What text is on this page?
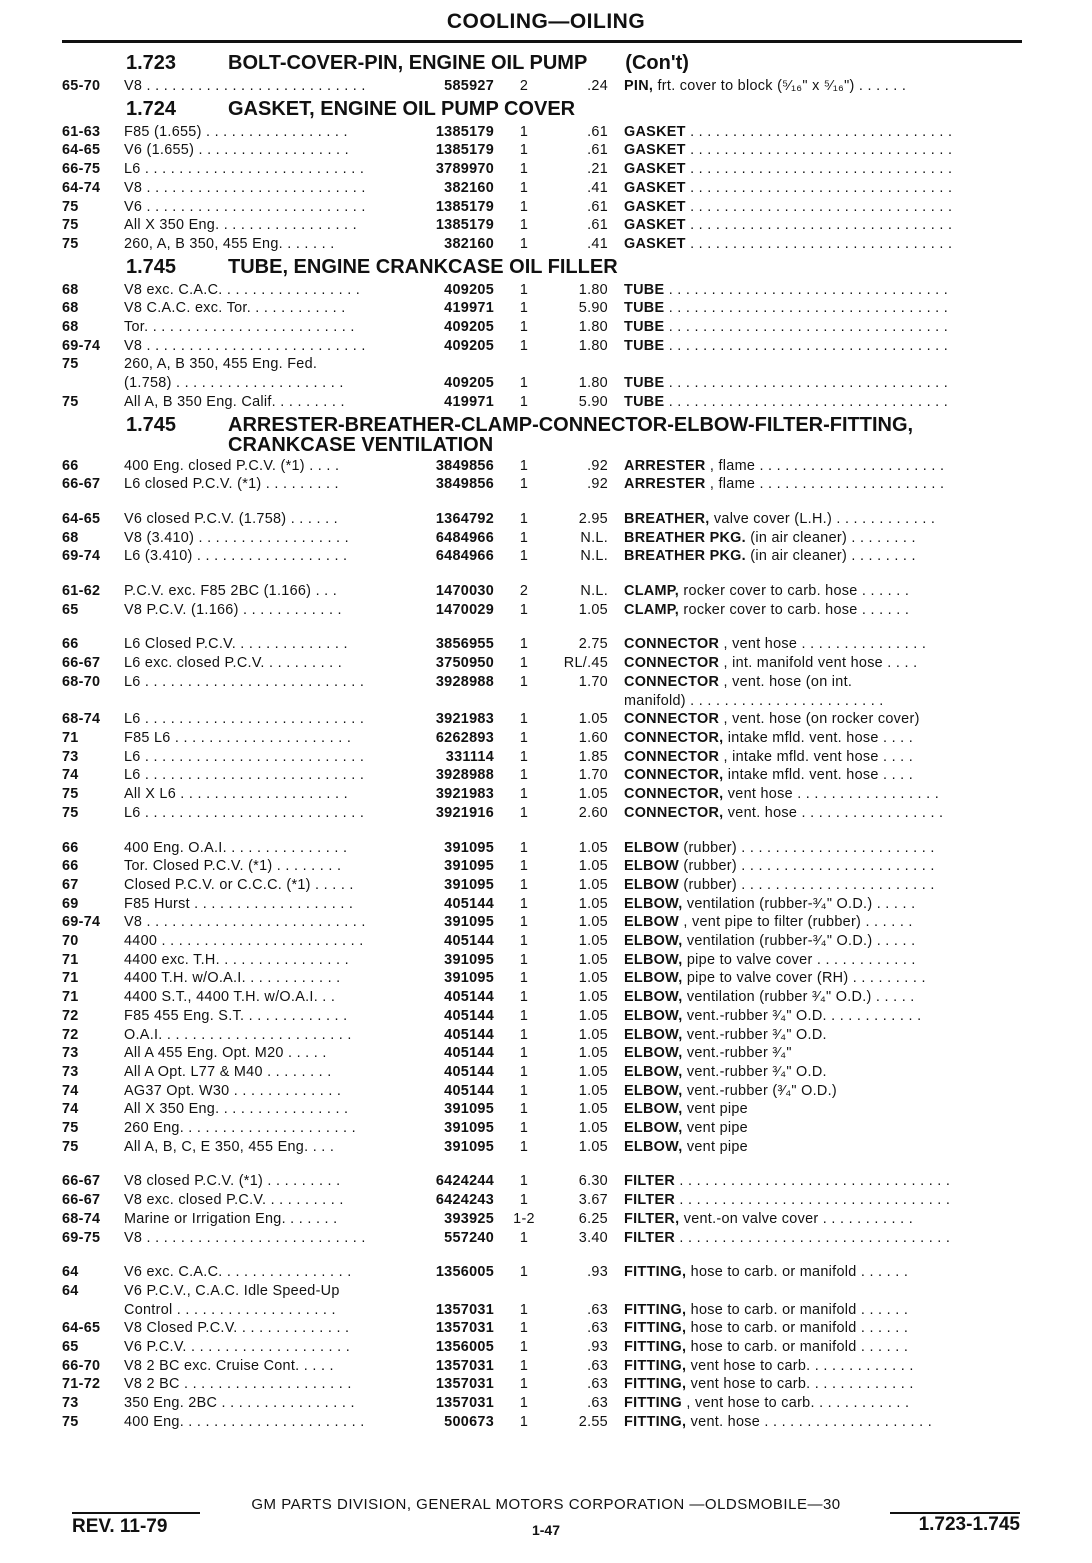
COOLING—OILING
1.723	BOLT-COVER-PIN, ENGINE OIL PUMP (Con't)
65-70	V8 . . . . . . . . . . . . . . . . . . . . . . . . . .	585927	2	.24	PIN, frt. cover to block (⁵⁄₁₆" x ⁵⁄₁₆") . . . . . .
1.724	GASKET, ENGINE OIL PUMP COVER
61-63	F85 (1.655) . . . . . . . . . . . . . . . . .	1385179	1	.61	GASKET . . . . . . . . . . . . . . . . . . . . . . . . . . . . . . .
64-65	V6 (1.655) . . . . . . . . . . . . . . . . . .	1385179	1	.61	GASKET . . . . . . . . . . . . . . . . . . . . . . . . . . . . . . .
66-75	L6 . . . . . . . . . . . . . . . . . . . . . . . . . .	3789970	1	.21	GASKET . . . . . . . . . . . . . . . . . . . . . . . . . . . . . . .
64-74	V8 . . . . . . . . . . . . . . . . . . . . . . . . . .	382160	1	.41	GASKET . . . . . . . . . . . . . . . . . . . . . . . . . . . . . . .
75	V6 . . . . . . . . . . . . . . . . . . . . . . . . . .	1385179	1	.61	GASKET . . . . . . . . . . . . . . . . . . . . . . . . . . . . . . .
75	All X 350 Eng. . . . . . . . . . . . . . . . .	1385179	1	.61	GASKET . . . . . . . . . . . . . . . . . . . . . . . . . . . . . . .
75	260, A, B 350, 455 Eng. . . . . . .	382160	1	.41	GASKET . . . . . . . . . . . . . . . . . . . . . . . . . . . . . . .
1.745	TUBE, ENGINE CRANKCASE OIL FILLER
68	V8 exc. C.A.C. . . . . . . . . . . . . . . . .	409205	1	1.80	TUBE . . . . . . . . . . . . . . . . . . . . . . . . . . . . . . . . .
68	V8 C.A.C. exc. Tor. . . . . . . . . . . .	419971	1	5.90	TUBE . . . . . . . . . . . . . . . . . . . . . . . . . . . . . . . . .
68	Tor. . . . . . . . . . . . . . . . . . . . . . . . .	409205	1	1.80	TUBE . . . . . . . . . . . . . . . . . . . . . . . . . . . . . . . . .
69-74	V8 . . . . . . . . . . . . . . . . . . . . . . . . . .	409205	1	1.80	TUBE . . . . . . . . . . . . . . . . . . . . . . . . . . . . . . . . .
75	260, A, B 350, 455 Eng. Fed.
(1.758) . . . . . . . . . . . . . . . . . . . .	409205	1	1.80	TUBE . . . . . . . . . . . . . . . . . . . . . . . . . . . . . . . . .
75	All A, B 350 Eng. Calif. . . . . . . . .	419971	1	5.90	TUBE . . . . . . . . . . . . . . . . . . . . . . . . . . . . . . . . .
1.745	ARRESTER-BREATHER-CLAMP-CONNECTOR-ELBOW-FILTER-FITTING, CRANKCASE VENTILATION
66	400 Eng. closed P.C.V. (*1) . . . .	3849856	1	.92	ARRESTER , flame . . . . . . . . . . . . . . . . . . . . . .
66-67	L6 closed P.C.V. (*1) . . . . . . . . .	3849856	1	.92	ARRESTER , flame . . . . . . . . . . . . . . . . . . . . . .
64-65	V6 closed P.C.V. (1.758) . . . . . .	1364792	1	2.95	BREATHER, valve cover (L.H.) . . . . . . . . . . . .
68	V8 (3.410) . . . . . . . . . . . . . . . . . .	6484966	1	N.L.	BREATHER PKG. (in air cleaner) . . . . . . . .
69-74	L6 (3.410) . . . . . . . . . . . . . . . . . .	6484966	1	N.L.	BREATHER PKG. (in air cleaner) . . . . . . . .
61-62	P.C.V. exc. F85 2BC (1.166) . . .	1470030	2	N.L.	CLAMP, rocker cover to carb. hose . . . . . .
65	V8 P.C.V. (1.166) . . . . . . . . . . . .	1470029	1	1.05	CLAMP, rocker cover to carb. hose . . . . . .
66	L6 Closed P.C.V. . . . . . . . . . . . . .	3856955	1	2.75	CONNECTOR , vent hose . . . . . . . . . . . . . . .
66-67	L6 exc. closed P.C.V. . . . . . . . . .	3750950	1	RL/.45	CONNECTOR , int. manifold vent hose . . . .
68-70	L6 . . . . . . . . . . . . . . . . . . . . . . . . . .	3928988	1	1.70	CONNECTOR , vent. hose (on int.
manifold) . . . . . . . . . . . . . . . . . . . . . . .
68-74	L6 . . . . . . . . . . . . . . . . . . . . . . . . . .	3921983	1	1.05	CONNECTOR , vent. hose (on rocker cover)
71	F85 L6 . . . . . . . . . . . . . . . . . . . . .	6262893	1	1.60	CONNECTOR, intake mfld. vent. hose . . . .
73	L6 . . . . . . . . . . . . . . . . . . . . . . . . . .	331114	1	1.85	CONNECTOR , intake mfld. vent hose . . . .
74	L6 . . . . . . . . . . . . . . . . . . . . . . . . . .	3928988	1	1.70	CONNECTOR, intake mfld. vent. hose . . . .
75	All X L6 . . . . . . . . . . . . . . . . . . . .	3921983	1	1.05	CONNECTOR, vent hose . . . . . . . . . . . . . . . . .
75	L6 . . . . . . . . . . . . . . . . . . . . . . . . . .	3921916	1	2.60	CONNECTOR, vent. hose . . . . . . . . . . . . . . . . .
66	400 Eng. O.A.I. . . . . . . . . . . . . . .	391095	1	1.05	ELBOW (rubber) . . . . . . . . . . . . . . . . . . . . . . .
66	Tor. Closed P.C.V. (*1) . . . . . . . .	391095	1	1.05	ELBOW (rubber) . . . . . . . . . . . . . . . . . . . . . . .
67	Closed P.C.V. or C.C.C. (*1) . . . . .	391095	1	1.05	ELBOW (rubber) . . . . . . . . . . . . . . . . . . . . . . .
69	F85 Hurst . . . . . . . . . . . . . . . . . . .	405144	1	1.05	ELBOW, ventilation (rubber-³⁄₄" O.D.) . . . . .
69-74	V8 . . . . . . . . . . . . . . . . . . . . . . . . . .	391095	1	1.05	ELBOW , vent pipe to filter (rubber) . . . . . .
70	4400 . . . . . . . . . . . . . . . . . . . . . . . .	405144	1	1.05	ELBOW, ventilation (rubber-³⁄₄" O.D.) . . . . .
71	4400 exc. T.H. . . . . . . . . . . . . . . .	391095	1	1.05	ELBOW, pipe to valve cover . . . . . . . . . . . .
71	4400 T.H. w/O.A.I. . . . . . . . . . . .	391095	1	1.05	ELBOW, pipe to valve cover (RH) . . . . . . . . .
71	4400 S.T., 4400 T.H. w/O.A.I. . .	405144	1	1.05	ELBOW, ventilation (rubber ³⁄₄" O.D.) . . . . .
72	F85 455 Eng. S.T. . . . . . . . . . . . .	405144	1	1.05	ELBOW, vent.-rubber ³⁄₄" O.D. . . . . . . . . . . .
72	O.A.I. . . . . . . . . . . . . . . . . . . . . . .	405144	1	1.05	ELBOW, vent.-rubber ³⁄₄" O.D.
73	All A 455 Eng. Opt. M20 . . . . .	405144	1	1.05	ELBOW, vent.-rubber ³⁄₄"
73	All A Opt. L77 & M40 . . . . . . . .	405144	1	1.05	ELBOW, vent.-rubber ³⁄₄" O.D.
74	AG37 Opt. W30 . . . . . . . . . . . . .	405144	1	1.05	ELBOW, vent.-rubber (³⁄₄" O.D.)
74	All X 350 Eng. . . . . . . . . . . . . . . .	391095	1	1.05	ELBOW, vent pipe
75	260 Eng. . . . . . . . . . . . . . . . . . . . .	391095	1	1.05	ELBOW, vent pipe
75	All A, B, C, E 350, 455 Eng. . . .	391095	1	1.05	ELBOW, vent pipe
66-67	V8 closed P.C.V. (*1) . . . . . . . . .	6424244	1	6.30	FILTER . . . . . . . . . . . . . . . . . . . . . . . . . . . . . . . .
66-67	V8 exc. closed P.C.V. . . . . . . . . .	6424243	1	3.67	FILTER . . . . . . . . . . . . . . . . . . . . . . . . . . . . . . . .
68-74	Marine or Irrigation Eng. . . . . . .	393925	1-2	6.25	FILTER, vent.-on valve cover . . . . . . . . . . .
69-75	V8 . . . . . . . . . . . . . . . . . . . . . . . . . .	557240	1	3.40	FILTER . . . . . . . . . . . . . . . . . . . . . . . . . . . . . . . .
64	V6 exc. C.A.C. . . . . . . . . . . . . . . .	1356005	1	.93	FITTING, hose to carb. or manifold . . . . . .
64	V6 P.C.V., C.A.C. Idle Speed-Up
Control . . . . . . . . . . . . . . . . . . .	1357031	1	.63	FITTING, hose to carb. or manifold . . . . . .
64-65	V8 Closed P.C.V. . . . . . . . . . . . . .	1357031	1	.63	FITTING, hose to carb. or manifold . . . . . .
65	V6 P.C.V. . . . . . . . . . . . . . . . . . . .	1356005	1	.93	FITTING, hose to carb. or manifold . . . . . .
66-70	V8 2 BC exc. Cruise Cont. . . . .	1357031	1	.63	FITTING, vent hose to carb. . . . . . . . . . . . .
71-72	V8 2 BC . . . . . . . . . . . . . . . . . . . .	1357031	1	.63	FITTING, vent hose to carb. . . . . . . . . . . . .
73	350 Eng. 2BC . . . . . . . . . . . . . . . .	1357031	1	.63	FITTING , vent hose to carb. . . . . . . . . . . .
75	400 Eng. . . . . . . . . . . . . . . . . . . . . .	500673	1	2.55	FITTING, vent. hose . . . . . . . . . . . . . . . . . . . .
GM PARTS DIVISION, GENERAL MOTORS CORPORATION —OLDSMOBILE—30
REV. 11-79	1-47	1.723-1.745
